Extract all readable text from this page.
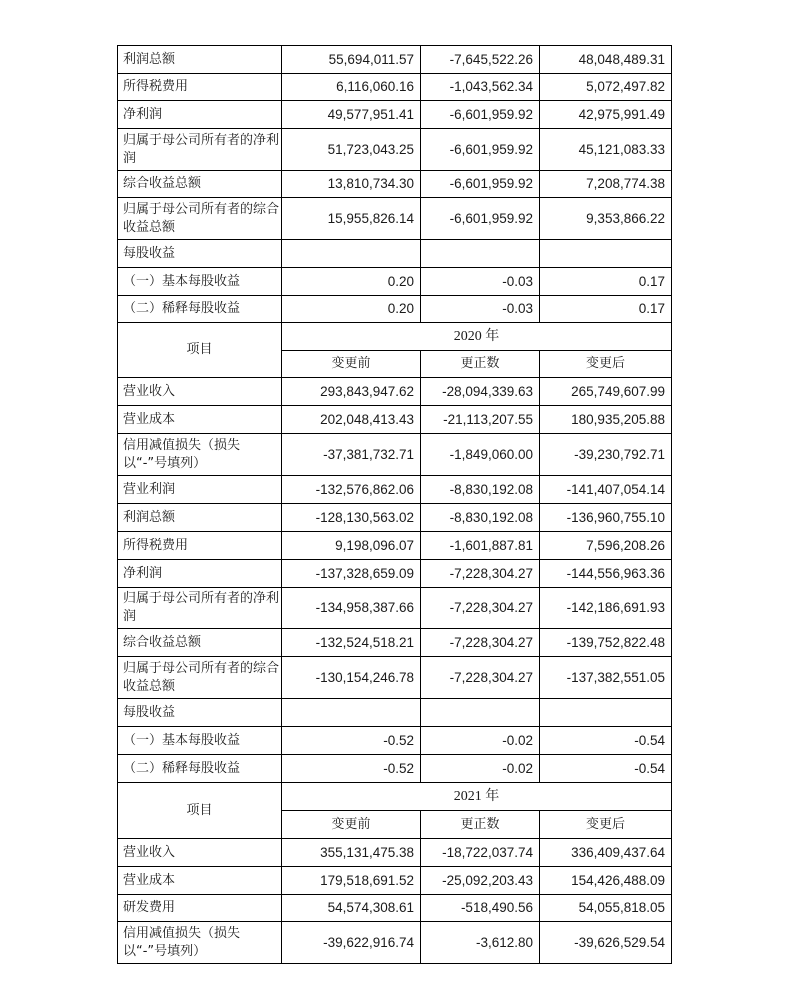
利润总额	55,694,011.57	-7,645,522.26	48,048,489.31
所得税费用	6,116,060.16	-1,043,562.34	5,072,497.82
净利润	49,577,951.41	-6,601,959.92	42,975,991.49
归属于母公司所有者的净利润	51,723,043.25	-6,601,959.92	45,121,083.33
综合收益总额	13,810,734.30	-6,601,959.92	7,208,774.38
归属于母公司所有者的综合收益总额	15,955,826.14	-6,601,959.92	9,353,866.22
每股收益			
（一）基本每股收益	0.20	-0.03	0.17
（二）稀释每股收益	0.20	-0.03	0.17
项目	2020 年		
	变更前	更正数	变更后
营业收入	293,843,947.62	-28,094,339.63	265,749,607.99
营业成本	202,048,413.43	-21,113,207.55	180,935,205.88
信用减值损失（损失以“-”号填列）	-37,381,732.71	-1,849,060.00	-39,230,792.71
营业利润	-132,576,862.06	-8,830,192.08	-141,407,054.14
利润总额	-128,130,563.02	-8,830,192.08	-136,960,755.10
所得税费用	9,198,096.07	-1,601,887.81	7,596,208.26
净利润	-137,328,659.09	-7,228,304.27	-144,556,963.36
归属于母公司所有者的净利润	-134,958,387.66	-7,228,304.27	-142,186,691.93
综合收益总额	-132,524,518.21	-7,228,304.27	-139,752,822.48
归属于母公司所有者的综合收益总额	-130,154,246.78	-7,228,304.27	-137,382,551.05
每股收益			
（一）基本每股收益	-0.52	-0.02	-0.54
（二）稀释每股收益	-0.52	-0.02	-0.54
项目	2021 年		
	变更前	更正数	变更后
营业收入	355,131,475.38	-18,722,037.74	336,409,437.64
营业成本	179,518,691.52	-25,092,203.43	154,426,488.09
研发费用	54,574,308.61	-518,490.56	54,055,818.05
信用减值损失（损失以“-”号填列）	-39,622,916.74	-3,612.80	-39,626,529.54
